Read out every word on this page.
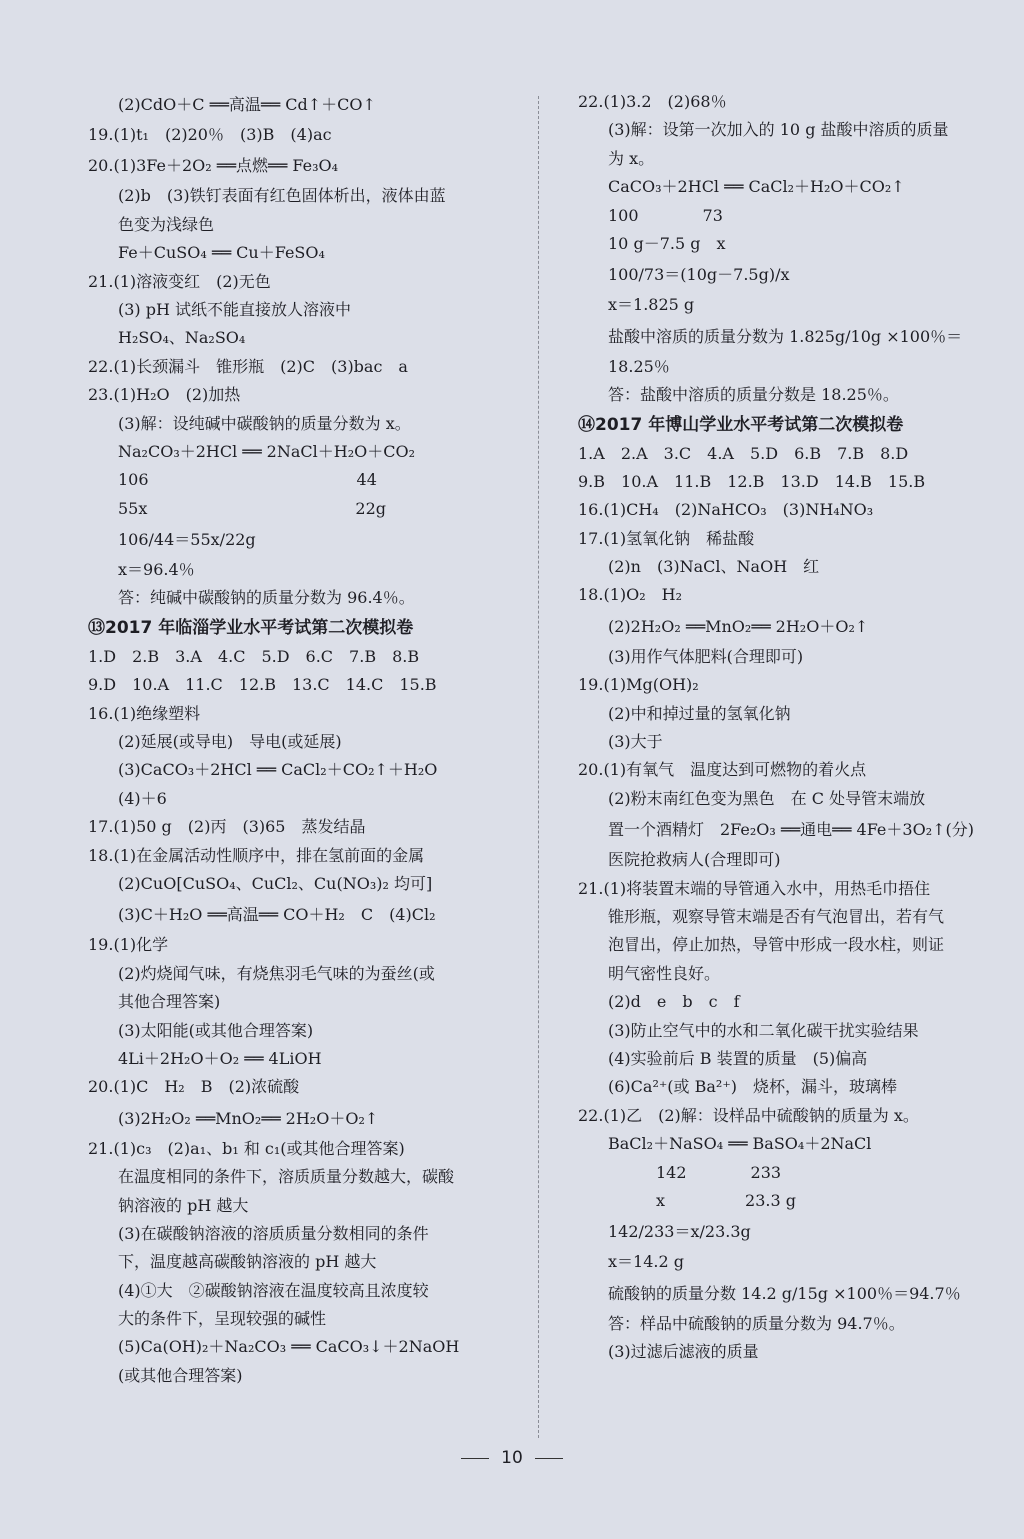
(2)CdO＋C ══高温══ Cd↑＋CO↑
19.(1)t₁　(2)20％　(3)B　(4)ac
20.(1)3Fe＋2O₂ ══点燃══ Fe₃O₄
(2)b　(3)铁钉表面有红色固体析出，液体由蓝
色变为浅绿色
Fe＋CuSO₄ ══ Cu＋FeSO₄
21.(1)溶液变红　(2)无色
(3) pH 试纸不能直接放人溶液中
H₂SO₄、Na₂SO₄
22.(1)长颈漏斗　锥形瓶　(2)C　(3)bac　a
23.(1)H₂O　(2)加热
(3)解：设纯碱中碳酸钠的质量分数为 x。
Na₂CO₃＋2HCl ══ 2NaCl＋H₂O＋CO₂
106　　　　　　　　　　　　　44
55x　　　　　　　　　　　　　22g
106/44＝55x/22g
x＝96.4％
答：纯碱中碳酸钠的质量分数为 96.4％。
⑬2017 年临淄学业水平考试第二次模拟卷
1.D　2.B　3.A　4.C　5.D　6.C　7.B　8.B
9.D　10.A　11.C　12.B　13.C　14.C　15.B
16.(1)绝缘塑料
(2)延展(或导电)　导电(或延展)
(3)CaCO₃＋2HCl ══ CaCl₂＋CO₂↑＋H₂O
(4)＋6
17.(1)50 g　(2)丙　(3)65　蒸发结晶
18.(1)在金属活动性顺序中，排在氢前面的金属
(2)CuO[CuSO₄、CuCl₂、Cu(NO₃)₂ 均可]
(3)C＋H₂O ══高温══ CO＋H₂　C　(4)Cl₂
19.(1)化学
(2)灼烧闻气味，有烧焦羽毛气味的为蚕丝(或
其他合理答案)
(3)太阳能(或其他合理答案)
4Li＋2H₂O＋O₂ ══ 4LiOH
20.(1)C　H₂　B　(2)浓硫酸
(3)2H₂O₂ ══MnO₂══ 2H₂O＋O₂↑
21.(1)c₃　(2)a₁、b₁ 和 c₁(或其他合理答案)
在温度相同的条件下，溶质质量分数越大，碳酸
钠溶液的 pH 越大
(3)在碳酸钠溶液的溶质质量分数相同的条件
下，温度越高碳酸钠溶液的 pH 越大
(4)①大　②碳酸钠溶液在温度较高且浓度较
大的条件下，呈现较强的碱性
(5)Ca(OH)₂＋Na₂CO₃ ══ CaCO₃↓＋2NaOH
(或其他合理答案)
22.(1)3.2　(2)68％
(3)解：设第一次加入的 10 g 盐酸中溶质的质量
为 x。
CaCO₃＋2HCl ══ CaCl₂＋H₂O＋CO₂↑
100　　　　73
10 g－7.5 g　x
100/73＝(10g－7.5g)/x
x＝1.825 g
盐酸中溶质的质量分数为 1.825g/10g ×100％＝
18.25％
答：盐酸中溶质的质量分数是 18.25％。
⑭2017 年博山学业水平考试第二次模拟卷
1.A　2.A　3.C　4.A　5.D　6.B　7.B　8.D
9.B　10.A　11.B　12.B　13.D　14.B　15.B
16.(1)CH₄　(2)NaHCO₃　(3)NH₄NO₃
17.(1)氢氧化钠　稀盐酸
(2)n　(3)NaCl、NaOH　红
18.(1)O₂　H₂
(2)2H₂O₂ ══MnO₂══ 2H₂O＋O₂↑
(3)用作气体肥料(合理即可)
19.(1)Mg(OH)₂
(2)中和掉过量的氢氧化钠
(3)大于
20.(1)有氧气　温度达到可燃物的着火点
(2)粉末南红色变为黑色　在 C 处导管末端放
置一个酒精灯　2Fe₂O₃ ══通电══ 4Fe＋3O₂↑(分)
医院抢救病人(合理即可)
21.(1)将装置末端的导管通入水中，用热毛巾捂住
锥形瓶，观察导管末端是否有气泡冒出，若有气
泡冒出，停止加热，导管中形成一段水柱，则证
明气密性良好。
(2)d　e　b　c　f
(3)防止空气中的水和二氧化碳干扰实验结果
(4)实验前后 B 装置的质量　(5)偏高
(6)Ca²⁺(或 Ba²⁺)　烧杯，漏斗，玻璃棒
22.(1)乙　(2)解：设样品中硫酸钠的质量为 x。
BaCl₂＋NaSO₄ ══ BaSO₄＋2NaCl
　　　142　　　　233
　　　x　　　　　23.3 g
142/233＝x/23.3g
x＝14.2 g
硫酸钠的质量分数 14.2 g/15g ×100％＝94.7％
答：样品中硫酸钠的质量分数为 94.7％。
(3)过滤后滤液的质量
10
